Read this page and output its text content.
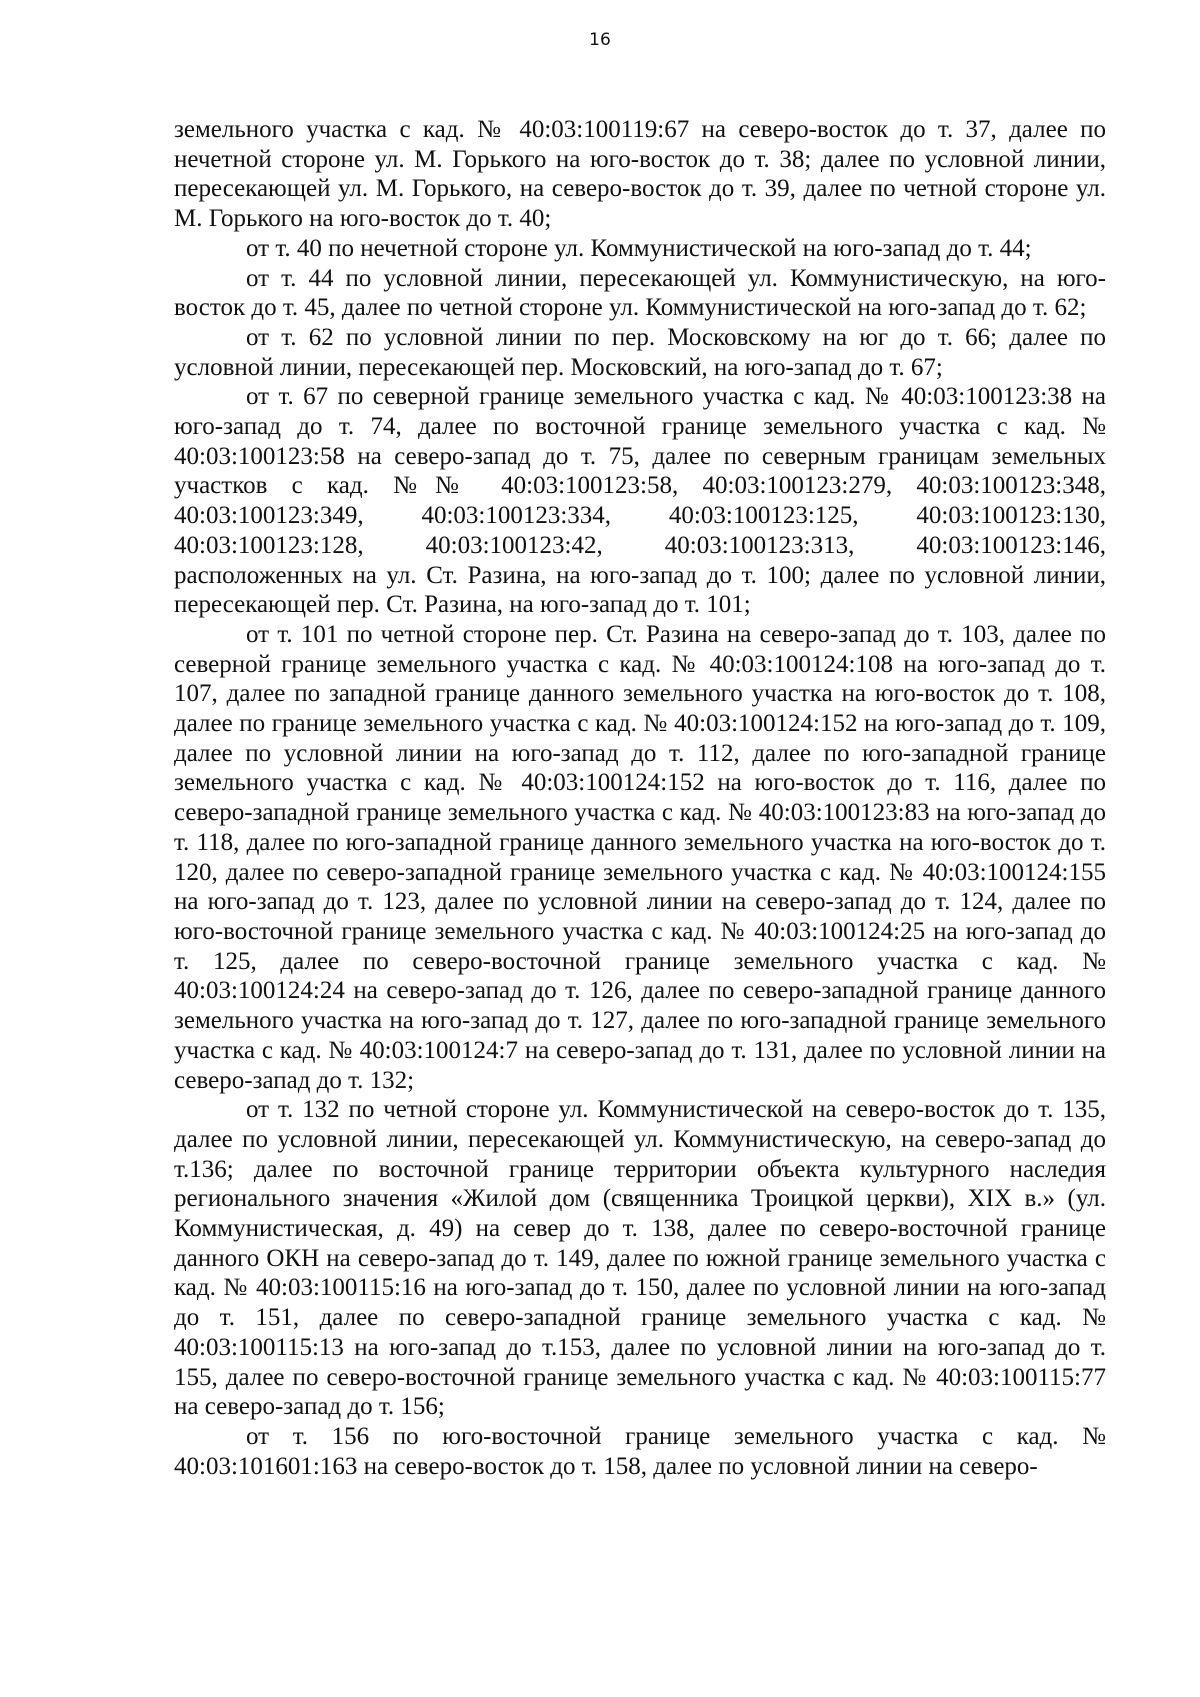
16

земельного участка с кад. № 40:03:100119:67 на северо-восток до т. 37, далее по нечетной стороне ул. М. Горького на юго-восток до т. 38; далее по условной линии, пересекающей ул. М. Горького, на северо-восток до т. 39, далее по четной стороне ул. М. Горького на юго-восток до т. 40;

от т. 40 по нечетной стороне ул. Коммунистической на юго-запад до т. 44;

от т. 44 по условной линии, пересекающей ул. Коммунистическую, на юго-восток до т. 45, далее по четной стороне ул. Коммунистической на юго-запад до т. 62;

от т. 62 по условной линии по пер. Московскому на юг до т. 66; далее по условной линии, пересекающей пер. Московский, на юго-запад до т. 67;

от т. 67 по северной границе земельного участка с кад. № 40:03:100123:38 на юго-запад до т. 74, далее по восточной границе земельного участка с кад. № 40:03:100123:58 на северо-запад до т. 75, далее по северным границам земельных участков с кад. №№ 40:03:100123:58, 40:03:100123:279, 40:03:100123:348, 40:03:100123:349, 40:03:100123:334, 40:03:100123:125, 40:03:100123:130, 40:03:100123:128, 40:03:100123:42, 40:03:100123:313, 40:03:100123:146, расположенных на ул. Ст. Разина, на юго-запад до т. 100; далее по условной линии, пересекающей пер. Ст. Разина, на юго-запад до т. 101;

от т. 101 по четной стороне пер. Ст. Разина на северо-запад до т. 103, далее по северной границе земельного участка с кад. № 40:03:100124:108 на юго-запад до т. 107, далее по западной границе данного земельного участка на юго-восток до т. 108, далее по границе земельного участка с кад. № 40:03:100124:152 на юго-запад до т. 109, далее по условной линии на юго-запад до т. 112, далее по юго-западной границе земельного участка с кад. № 40:03:100124:152 на юго-восток до т. 116, далее по северо-западной границе земельного участка с кад. № 40:03:100123:83 на юго-запад до т. 118, далее по юго-западной границе данного земельного участка на юго-восток до т. 120, далее по северо-западной границе земельного участка с кад. № 40:03:100124:155 на юго-запад до т. 123, далее по условной линии на северо-запад до т. 124, далее по юго-восточной границе земельного участка с кад. № 40:03:100124:25 на юго-запад до т. 125, далее по северо-восточной границе земельного участка с кад. № 40:03:100124:24 на северо-запад до т. 126, далее по северо-западной границе данного земельного участка на юго-запад до т. 127, далее по юго-западной границе земельного участка с кад. № 40:03:100124:7 на северо-запад до т. 131, далее по условной линии на северо-запад до т. 132;

от т. 132 по четной стороне ул. Коммунистической на северо-восток до т. 135, далее по условной линии, пересекающей ул. Коммунистическую, на северо-запад до т.136; далее по восточной границе территории объекта культурного наследия регионального значения «Жилой дом (священника Троицкой церкви), XIX в.» (ул. Коммунистическая, д. 49) на север до т. 138, далее по северо-восточной границе данного ОКН на северо-запад до т. 149, далее по южной границе земельного участка с кад. № 40:03:100115:16 на юго-запад до т. 150, далее по условной линии на юго-запад до т. 151, далее по северо-западной границе земельного участка с кад. № 40:03:100115:13 на юго-запад до т.153, далее по условной линии на юго-запад до т. 155, далее по северо-восточной границе земельного участка с кад. № 40:03:100115:77 на северо-запад до т. 156;

от т. 156 по юго-восточной границе земельного участка с кад. № 40:03:101601:163 на северо-восток до т. 158, далее по условной линии на северо-
